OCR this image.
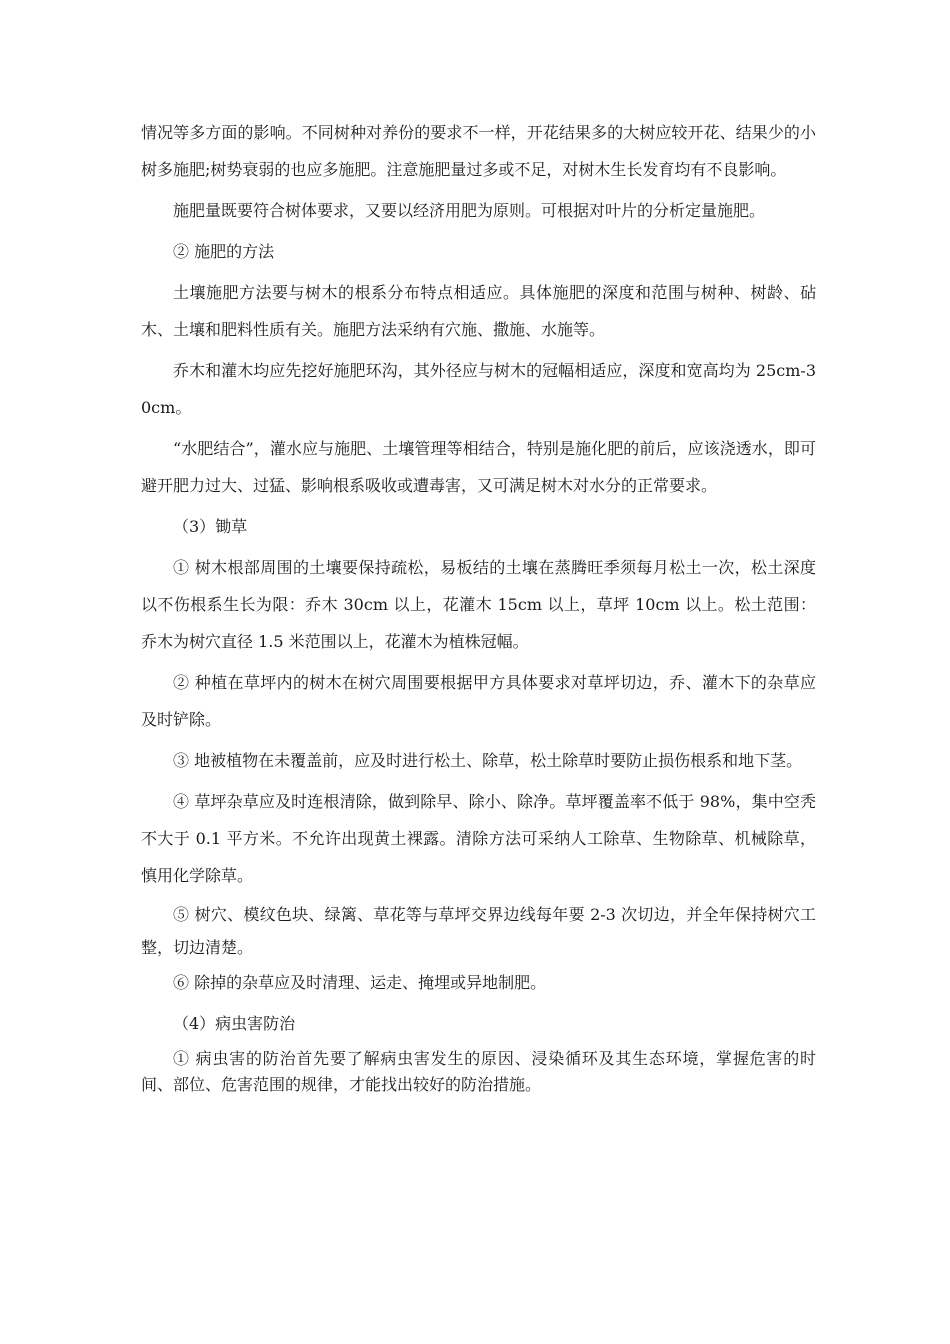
情况等多方面的影响。不同树种对养份的要求不一样，开花结果多的大树应较开花、结果少的小树多施肥;树势衰弱的也应多施肥。注意施肥量过多或不足，对树木生长发育均有不良影响。

施肥量既要符合树体要求，又要以经济用肥为原则。可根据对叶片的分析定量施肥。

② 施肥的方法

土壤施肥方法要与树木的根系分布特点相适应。具体施肥的深度和范围与树种、树龄、砧木、土壤和肥料性质有关。施肥方法采纳有穴施、撒施、水施等。

乔木和灌木均应先挖好施肥环沟，其外径应与树木的冠幅相适应，深度和宽高均为 25cm-30cm。

“水肥结合”，灌水应与施肥、土壤管理等相结合，特别是施化肥的前后，应该浇透水，即可避开肥力过大、过猛、影响根系吸收或遭毒害，又可满足树木对水分的正常要求。

（3）锄草

① 树木根部周围的土壤要保持疏松，易板结的土壤在蒸腾旺季须每月松土一次，松土深度以不伤根系生长为限：乔木 30cm 以上，花灌木 15cm 以上，草坪 10cm 以上。松土范围：乔木为树穴直径 1.5 米范围以上，花灌木为植株冠幅。

② 种植在草坪内的树木在树穴周围要根据甲方具体要求对草坪切边，乔、灌木下的杂草应及时铲除。

③ 地被植物在未覆盖前，应及时进行松土、除草，松土除草时要防止损伤根系和地下茎。

④ 草坪杂草应及时连根清除，做到除早、除小、除净。草坪覆盖率不低于 98%，集中空秃不大于 0.1 平方米。不允许出现黄土裸露。清除方法可采纳人工除草、生物除草、机械除草，慎用化学除草。

⑤ 树穴、模纹色块、绿篱、草花等与草坪交界边线每年要 2-3 次切边，并全年保持树穴工整，切边清楚。

⑥ 除掉的杂草应及时清理、运走、掩埋或异地制肥。

（4）病虫害防治

① 病虫害的防治首先要了解病虫害发生的原因、浸染循环及其生态环境，掌握危害的时间、部位、危害范围的规律，才能找出较好的防治措施。
